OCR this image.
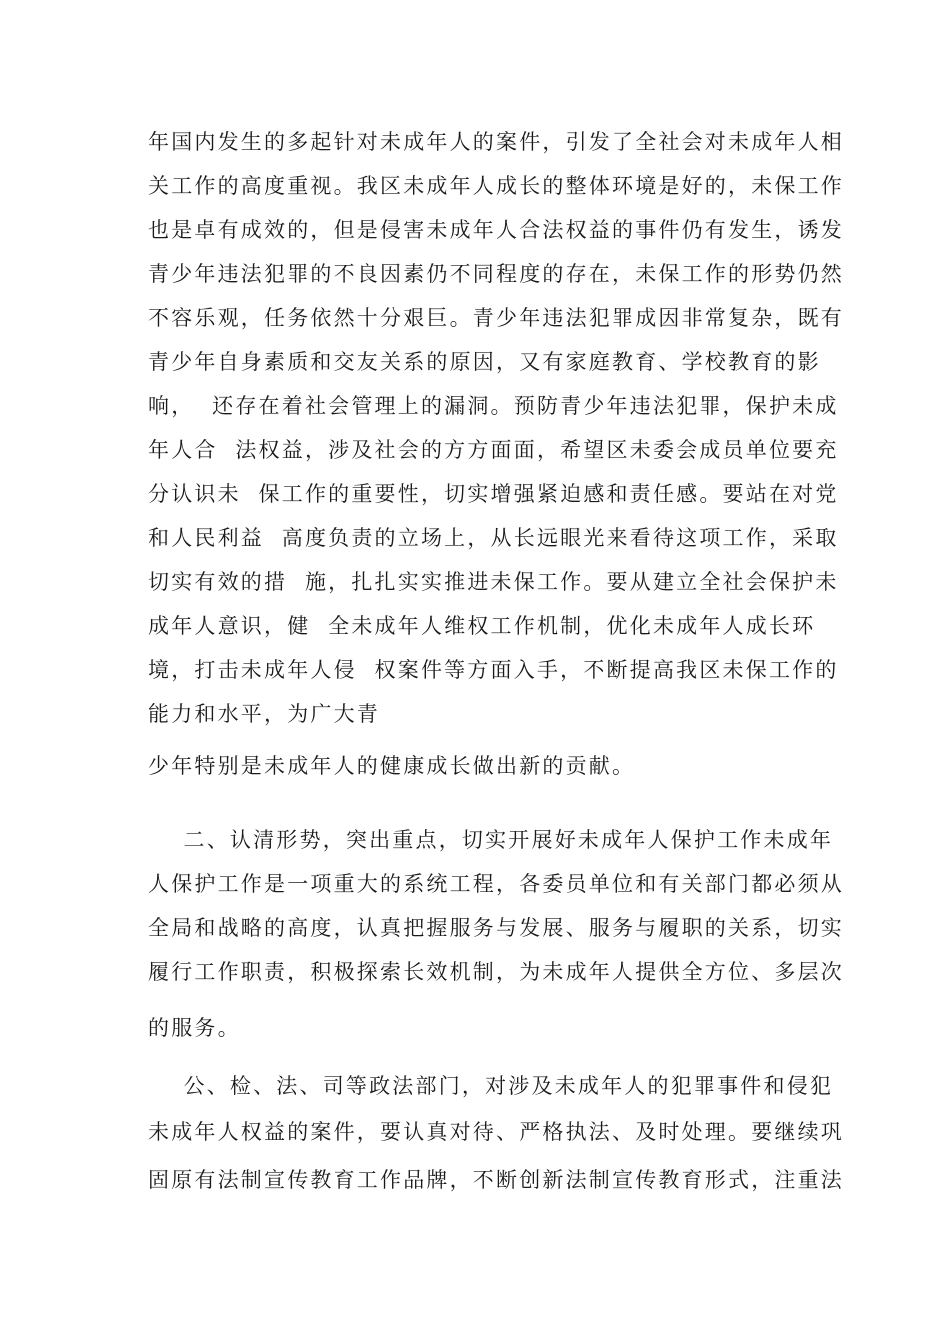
年国内发生的多起针对未成年人的案件，引发了全社会对未成年人相
关工作的高度重视。我区未成年人成长的整体环境是好的，未保工作
也是卓有成效的，但是侵害未成年人合法权益的事件仍有发生，诱发
青少年违法犯罪的不良因素仍不同程度的存在，未保工作的形势仍然
不容乐观，任务依然十分艰巨。青少年违法犯罪成因非常复杂，既有
青少年自身素质和交友关系的原因，又有家庭教育、学校教育的影
响，  还存在着社会管理上的漏洞。预防青少年违法犯罪，保护未成
年人合  法权益，涉及社会的方方面面，希望区未委会成员单位要充
分认识未  保工作的重要性，切实增强紧迫感和责任感。要站在对党
和人民利益  高度负责的立场上，从长远眼光来看待这项工作，采取
切实有效的措  施，扎扎实实推进未保工作。要从建立全社会保护未
成年人意识，健  全未成年人维权工作机制，优化未成年人成长环
境，打击未成年人侵  权案件等方面入手，不断提高我区未保工作的
能力和水平，为广大青
少年特别是未成年人的健康成长做出新的贡献。
二、认清形势，突出重点，切实开展好未成年人保护工作未成年
人保护工作是一项重大的系统工程，各委员单位和有关部门都必须从
全局和战略的高度，认真把握服务与发展、服务与履职的关系，切实
履行工作职责，积极探索长效机制，为未成年人提供全方位、多层次
的服务。
公、检、法、司等政法部门，对涉及未成年人的犯罪事件和侵犯
未成年人权益的案件，要认真对待、严格执法、及时处理。要继续巩
固原有法制宣传教育工作品牌，不断创新法制宣传教育形式，注重法
